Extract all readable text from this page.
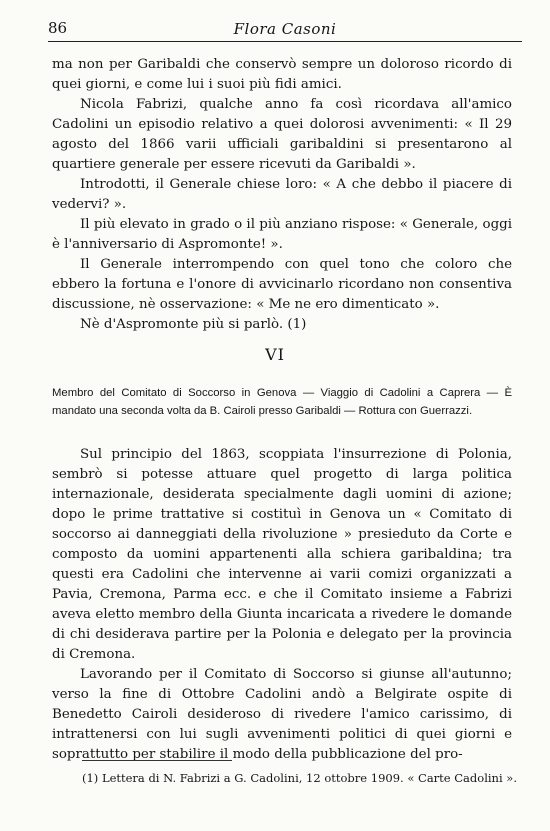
86	Flora Casoni

ma non per Garibaldi che conservò sempre un doloroso ricordo di quei giorni, e come lui i suoi più fidi amici.

Nicola Fabrizi, qualche anno fa così ricordava all'amico Cadolini un episodio relativo a quei dolorosi avvenimenti: « Il 29 agosto del 1866 varii ufficiali garibaldini si presentarono al quartiere generale per essere ricevuti da Garibaldi ».

Introdotti, il Generale chiese loro: « A che debbo il piacere di vedervi? ».

Il più elevato in grado o il più anziano rispose: « Generale, oggi è l'anniversario di Aspromonte! ».

Il Generale interrompendo con quel tono che coloro che ebbero la fortuna e l'onore di avvicinarlo ricordano non consentiva discussione, nè osservazione: « Me ne ero dimenticato ».

Nè d'Aspromonte più si parlò. (1)

VI
Membro del Comitato di Soccorso in Genova — Viaggio di Cadolini a Caprera — È mandato una seconda volta da B. Cairoli presso Garibaldi — Rottura con Guerrazzi.

Sul principio del 1863, scoppiata l'insurrezione di Polonia, sembrò si potesse attuare quel progetto di larga politica internazionale, desiderata specialmente dagli uomini di azione; dopo le prime trattative si costituì in Genova un « Comitato di soccorso ai danneggiati della rivoluzione » presieduto da Corte e composto da uomini appartenenti alla schiera garibaldina; tra questi era Cadolini che intervenne ai varii comizi organizzati a Pavia, Cremona, Parma ecc. e che il Comitato insieme a Fabrizi aveva eletto membro della Giunta incaricata a rivedere le domande di chi desiderava partire per la Polonia e delegato per la provincia di Cremona.

Lavorando per il Comitato di Soccorso si giunse all'autunno; verso la fine di Ottobre Cadolini andò a Belgirate ospite di Benedetto Cairoli desideroso di rivedere l'amico carissimo, di intrattenersi con lui sugli avvenimenti politici di quei giorni e soprattutto per stabilire il modo della pubblicazione del pro-

(1) Lettera di N. Fabrizi a G. Cadolini, 12 ottobre 1909. « Carte Cadolini ».
